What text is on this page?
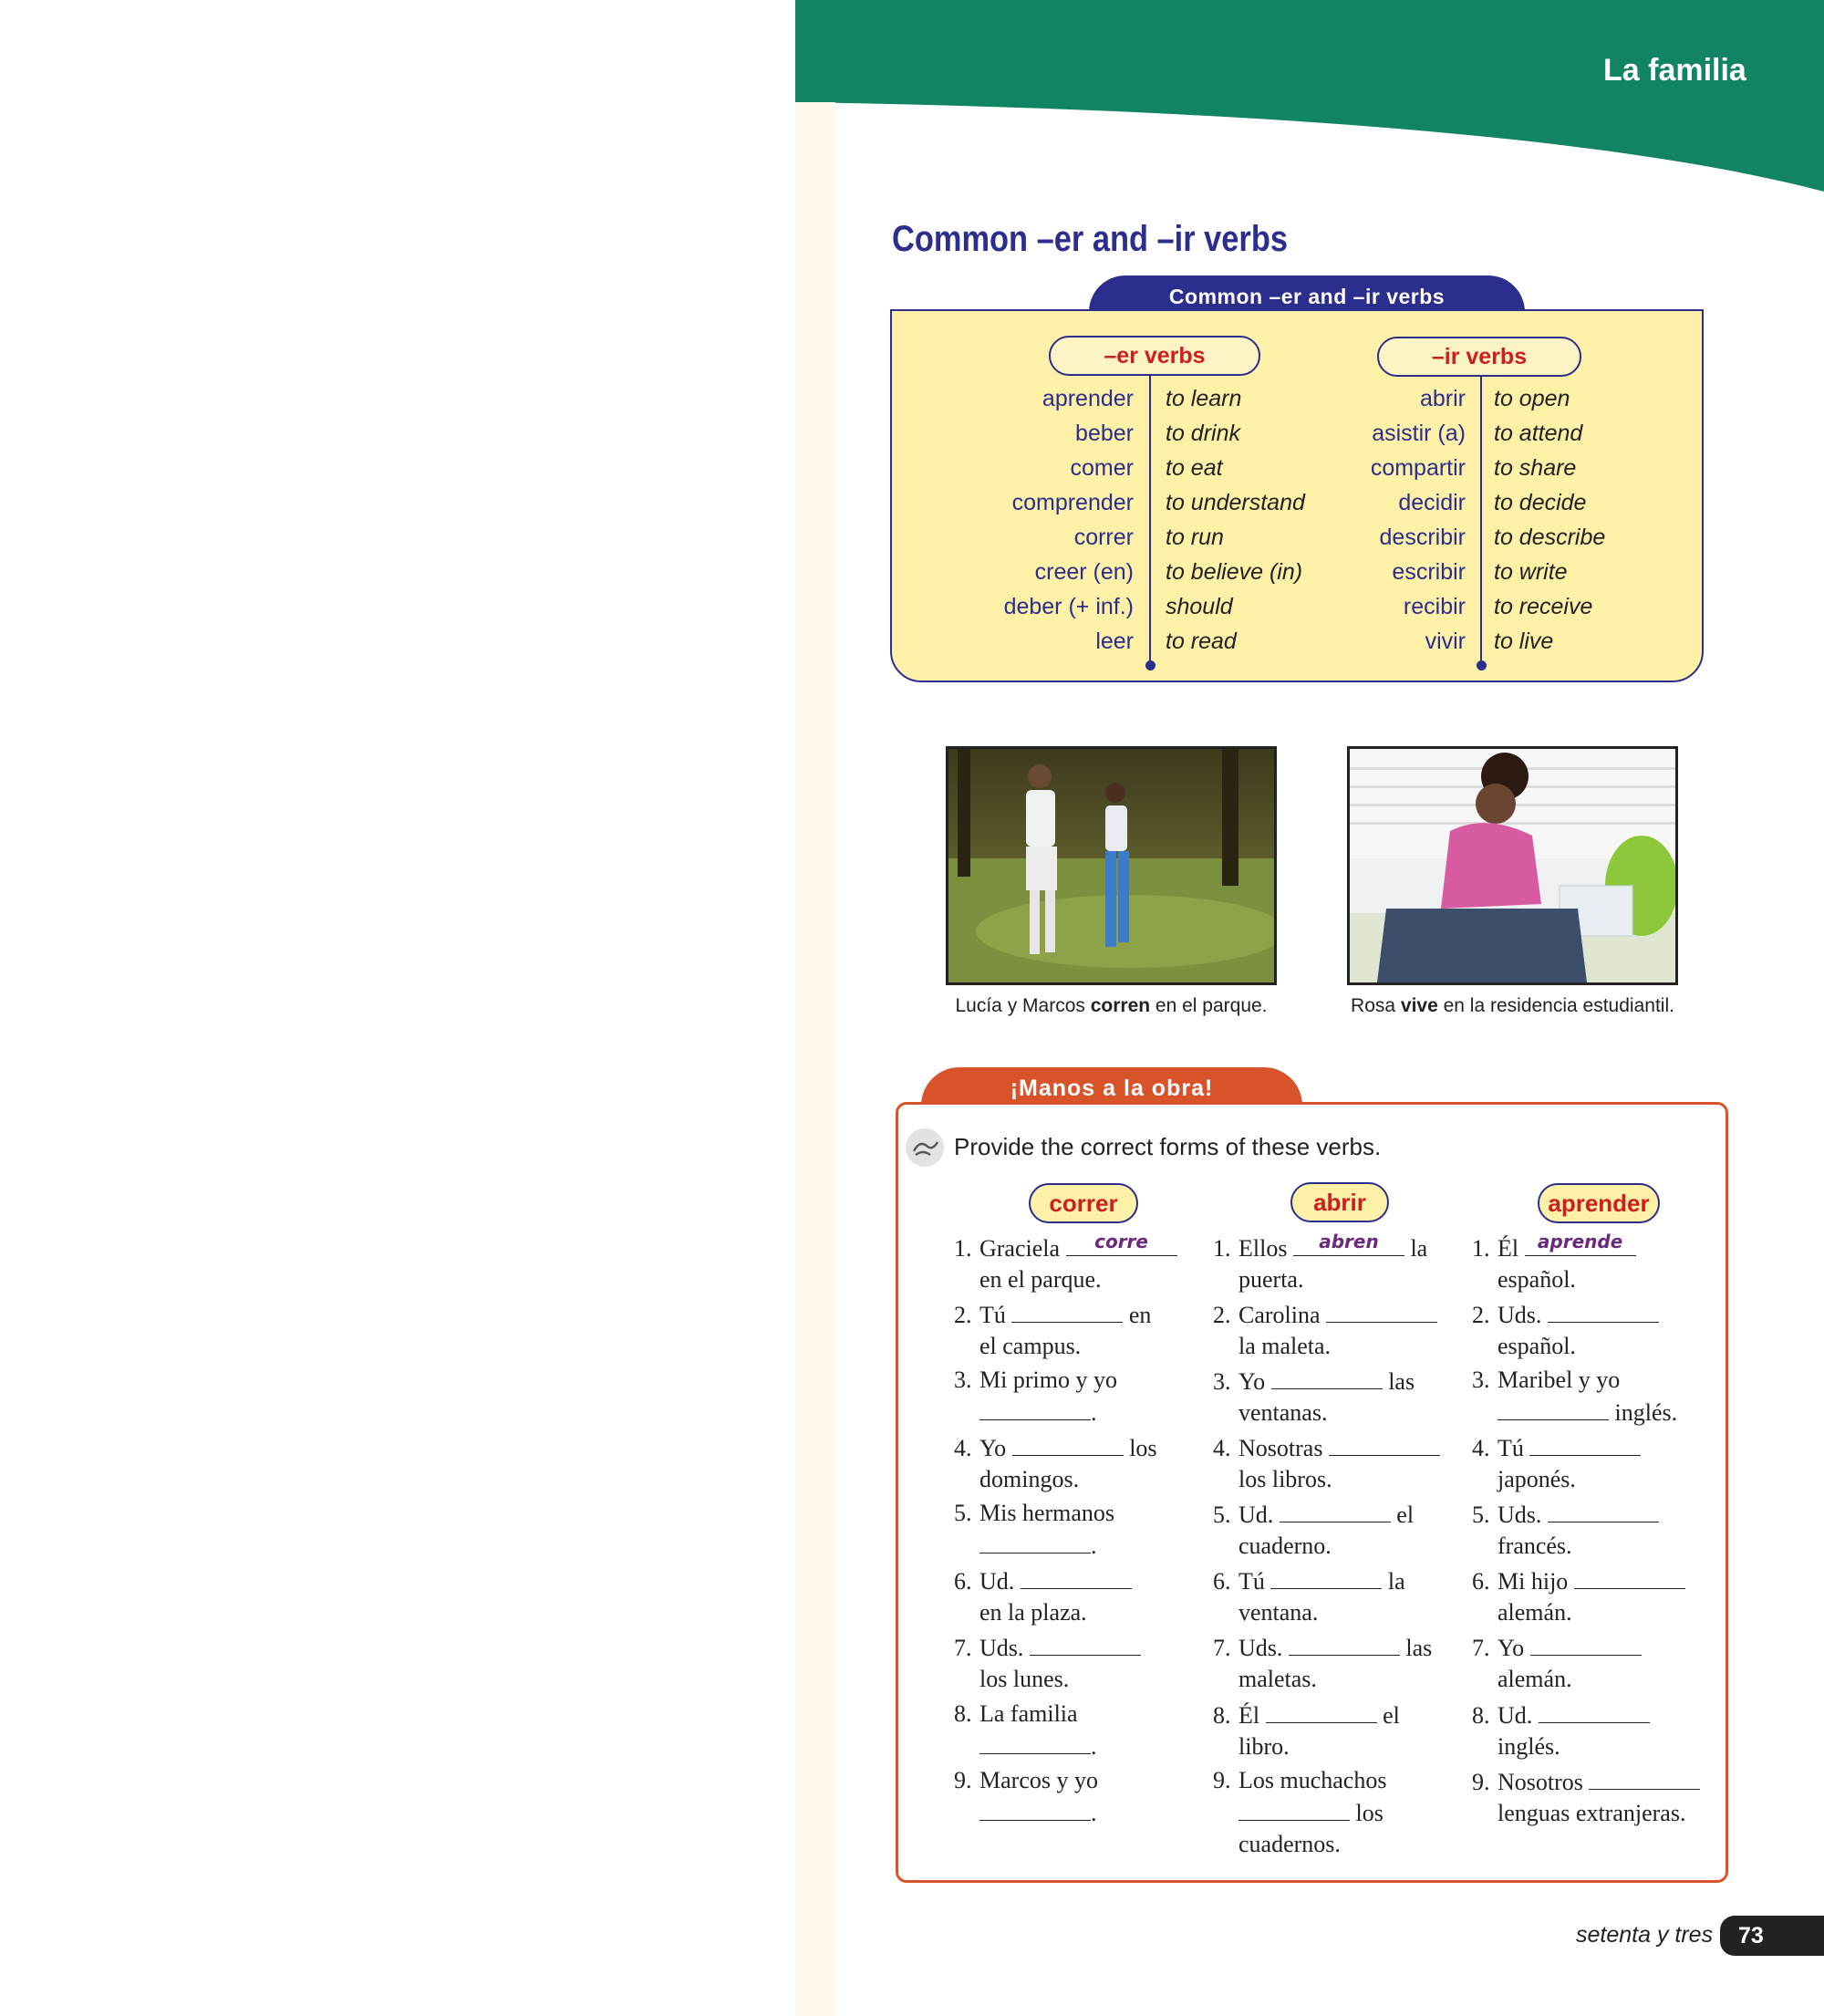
La familia
Common –er and –ir verbs
Common –er and –ir verbs
–er verbs	–ir verbs
aprender to learn
beber to drink
comer to eat
comprender to understand
correr to run
creer (en) to believe (in)
deber (+ inf.) should
leer to read
abrir to open
asistir (a) to attend
compartir to share
decidir to decide
describir to describe
escribir to write
recibir to receive
vivir to live
Lucía y Marcos corren en el parque.	Rosa vive en la residencia estudiantil.
¡Manos a la obra!
Provide the correct forms of these verbs.
correr
1. Graciela	corre
en el parque.
2. Tú	en
el campus.
3. Mi primo y yo
.
4. Yo	los
domingos.
5. Mis hermanos
.
6. Ud.
en la plaza.
7. Uds.
los lunes.
8. La familia
.
9. Marcos y yo
.
abrir
1. Ellos	abren	la
puerta.
2. Carolina
la maleta.
3. Yo	las
ventanas.
4. Nosotras
los libros.
5. Ud.	el
cuaderno.
6. Tú	la
ventana.
7. Uds.	las
maletas.
8. Él	el
libro.
9. Los muchachos
los
cuadernos.
aprender
1. Él	aprende
español.
2. Uds.
español.
3. Maribel y yo
inglés.
4. Tú
japonés.
5. Uds.
francés.
6. Mi hijo
alemán.
7. Yo
alemán.
8. Ud.
inglés.
9. Nosotros
lenguas extranjeras.
setenta y tres	73
